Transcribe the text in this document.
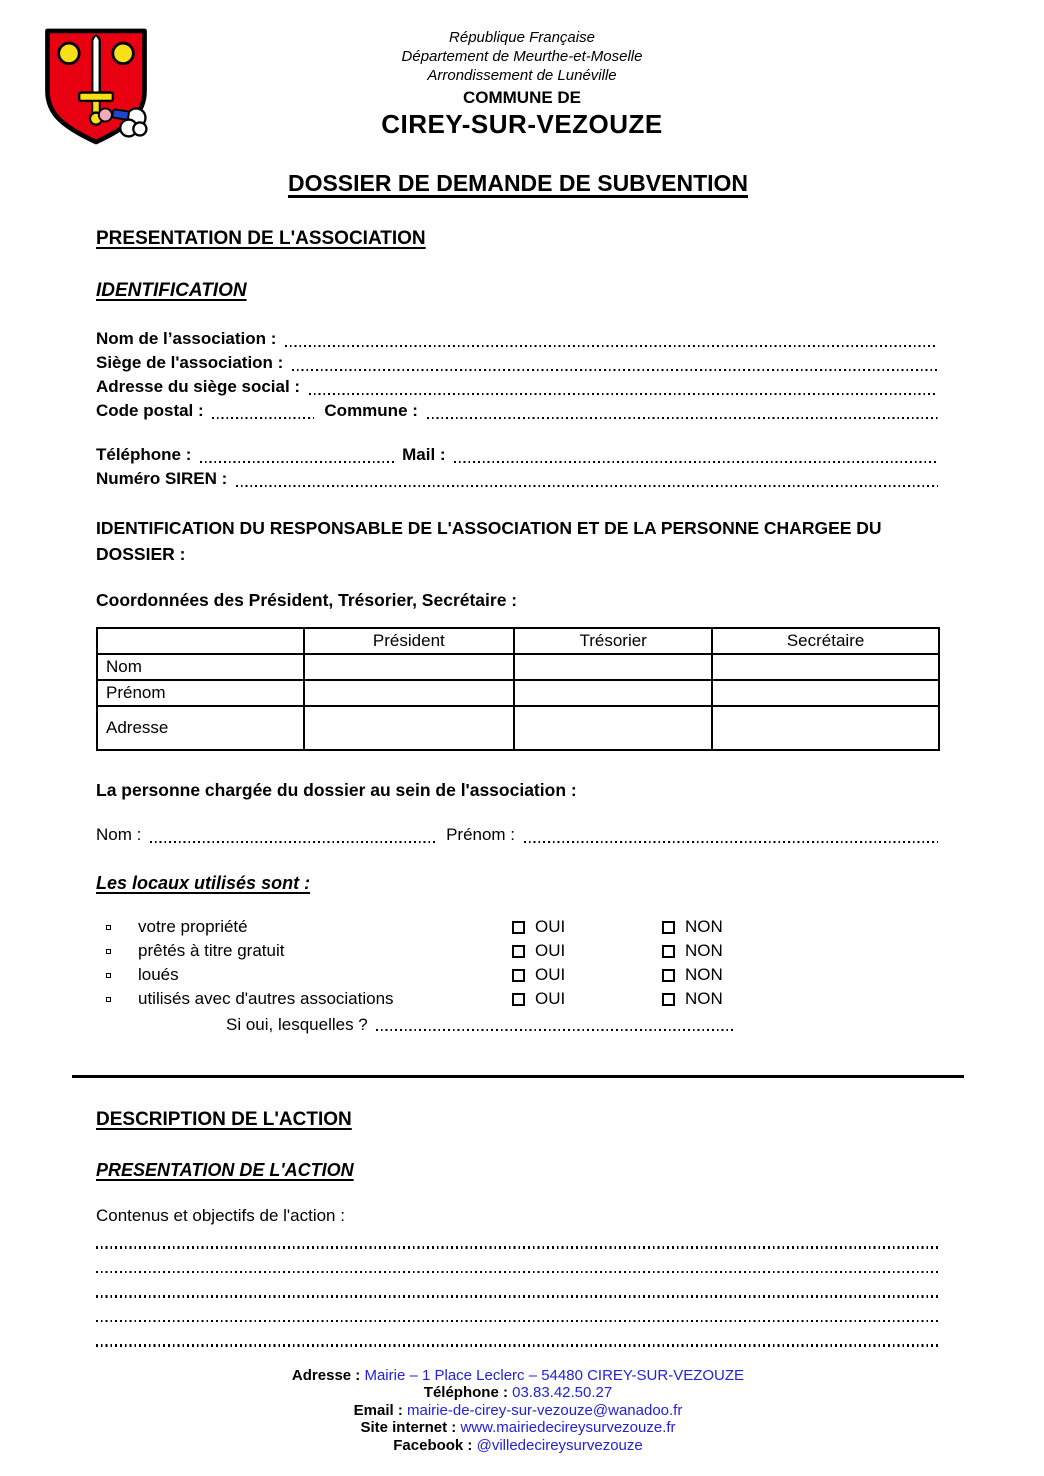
République Française
Département de Meurthe-et-Moselle
Arrondissement de Lunéville
COMMUNE DE
CIREY-SUR-VEZOUZE
DOSSIER DE DEMANDE DE SUBVENTION
PRESENTATION DE L'ASSOCIATION
IDENTIFICATION
Nom de l’association :
Siège de l'association :
Adresse du siège social :
Code postal :	Commune :
Téléphone :	Mail :
Numéro SIREN :
IDENTIFICATION DU RESPONSABLE DE L'ASSOCIATION ET DE LA PERSONNE CHARGEE DU DOSSIER :
Coordonnées des Président, Trésorier, Secrétaire :
	Président	Trésorier	Secrétaire
Nom			
Prénom			
Adresse			
La personne chargée du dossier au sein de l'association :
Nom :	Prénom :
Les locaux utilisés sont :
votre propriété	OUI	NON
prêtés à titre gratuit	OUI	NON
loués	OUI	NON
utilisés avec d'autres associations	OUI	NON
Si oui, lesquelles ?
DESCRIPTION DE L'ACTION
PRESENTATION DE L'ACTION
Contenus et objectifs de l'action :
Adresse : Mairie – 1 Place Leclerc – 54480 CIREY-SUR-VEZOUZE
Téléphone : 03.83.42.50.27
Email : mairie-de-cirey-sur-vezouze@wanadoo.fr
Site internet : www.mairiedecireysurvezouze.fr
Facebook : @villedecireysurvezouze
